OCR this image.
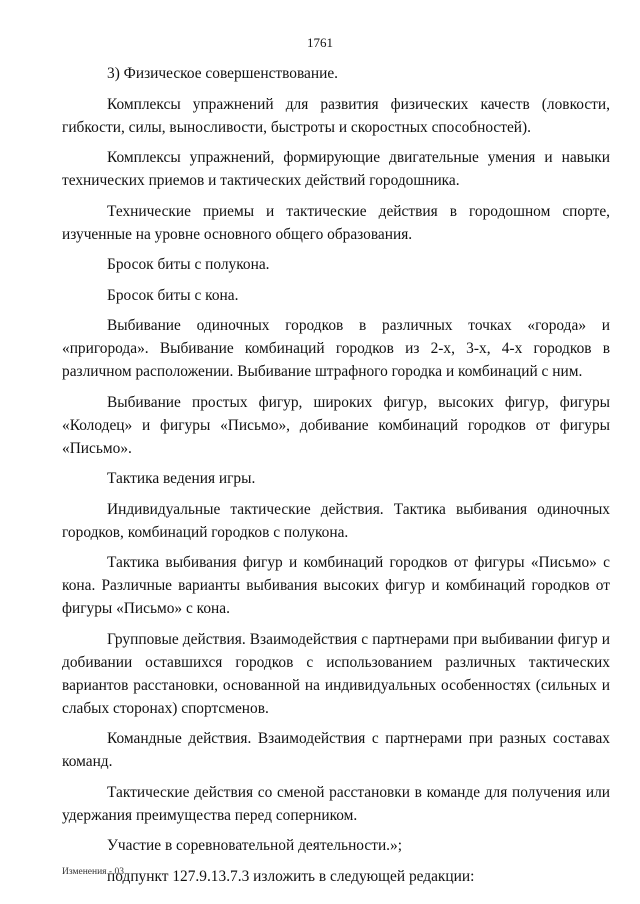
1761

3) Физическое совершенствование.

Комплексы упражнений для развития физических качеств (ловкости, гибкости, силы, выносливости, быстроты и скоростных способностей).

Комплексы упражнений, формирующие двигательные умения и навыки технических приемов и тактических действий городошника.

Технические приемы и тактические действия в городошном спорте, изученные на уровне основного общего образования.

Бросок биты с полукона.

Бросок биты с кона.

Выбивание одиночных городков в различных точках «города» и «пригорода». Выбивание комбинаций городков из 2-х, 3-х, 4-х городков в различном расположении. Выбивание штрафного городка и комбинаций с ним.

Выбивание простых фигур, широких фигур, высоких фигур, фигуры «Колодец» и фигуры «Письмо», добивание комбинаций городков от фигуры «Письмо».

Тактика ведения игры.

Индивидуальные тактические действия. Тактика выбивания одиночных городков, комбинаций городков с полукона.

Тактика выбивания фигур и комбинаций городков от фигуры «Письмо» с кона. Различные варианты выбивания высоких фигур и комбинаций городков от фигуры «Письмо» с кона.

Групповые действия. Взаимодействия с партнерами при выбивании фигур и добивании оставшихся городков с использованием различных тактических вариантов расстановки, основанной на индивидуальных особенностях (сильных и слабых сторонах) спортсменов.

Командные действия. Взаимодействия с партнерами при разных составах команд.

Тактические действия со сменой расстановки в команде для получения или удержания преимущества перед соперником.

Участие в соревновательной деятельности.»;

подпункт 127.9.13.7.3 изложить в следующей редакции:

Изменения - 03
